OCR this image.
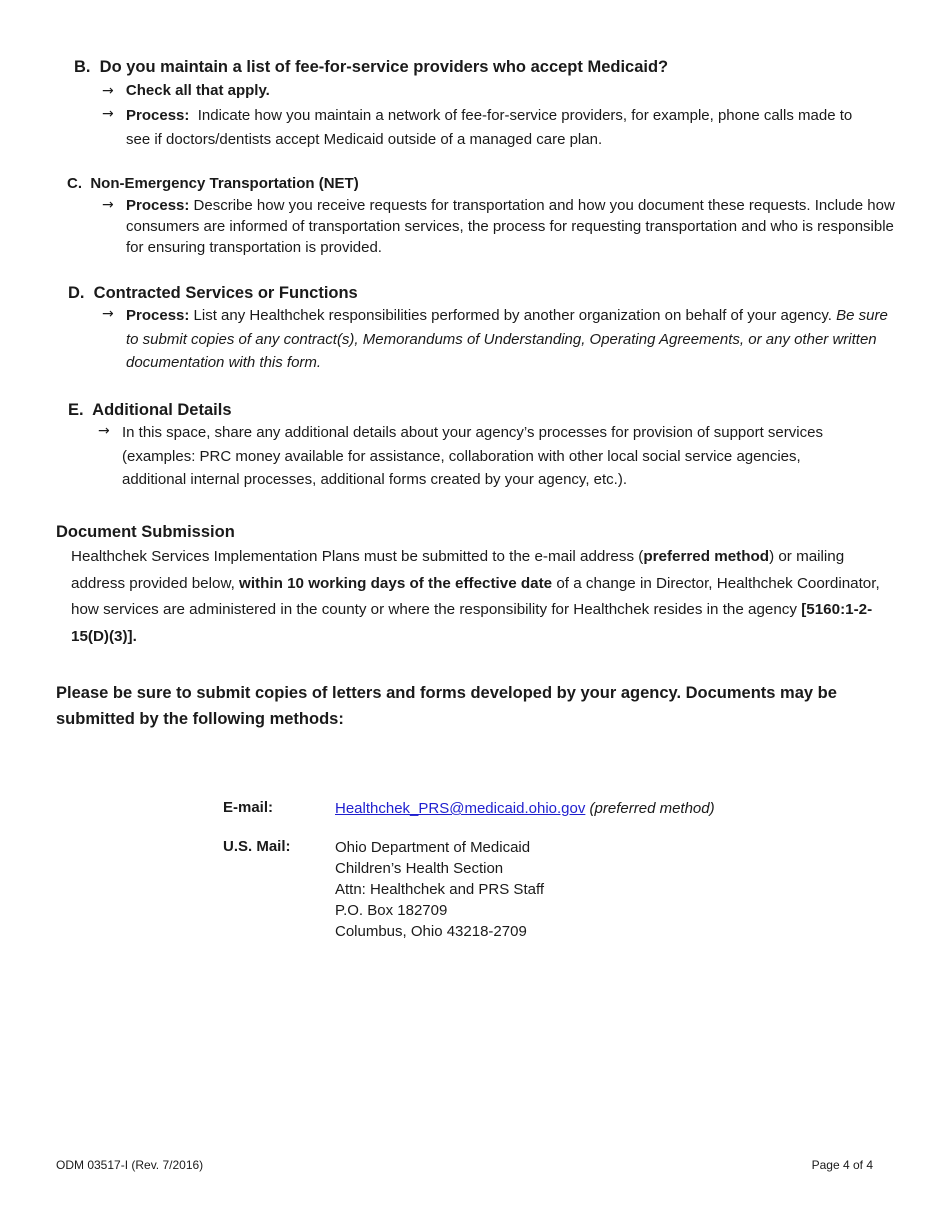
B. Do you maintain a list of fee-for-service providers who accept Medicaid?
→ Check all that apply.
→ Process: Indicate how you maintain a network of fee-for-service providers, for example, phone calls made to see if doctors/dentists accept Medicaid outside of a managed care plan.
C. Non-Emergency Transportation (NET)
→ Process: Describe how you receive requests for transportation and how you document these requests. Include how consumers are informed of transportation services, the process for requesting transportation and who is responsible for ensuring transportation is provided.
D. Contracted Services or Functions
→ Process: List any Healthchek responsibilities performed by another organization on behalf of your agency. Be sure to submit copies of any contract(s), Memorandums of Understanding, Operating Agreements, or any other written documentation with this form.
E. Additional Details
→ In this space, share any additional details about your agency’s processes for provision of support services (examples: PRC money available for assistance, collaboration with other local social service agencies, additional internal processes, additional forms created by your agency, etc.).
Document Submission
Healthchek Services Implementation Plans must be submitted to the e-mail address (preferred method) or mailing address provided below, within 10 working days of the effective date of a change in Director, Healthchek Coordinator, how services are administered in the county or where the responsibility for Healthchek resides in the agency [5160:1-2-15(D)(3)].
Please be sure to submit copies of letters and forms developed by your agency. Documents may be submitted by the following methods:
E-mail:	Healthchek_PRS@medicaid.ohio.gov (preferred method)
U.S. Mail:	Ohio Department of Medicaid
Children’s Health Section
Attn: Healthchek and PRS Staff
P.O. Box 182709
Columbus, Ohio 43218-2709
ODM 03517-I (Rev. 7/2016)	Page 4 of 4
